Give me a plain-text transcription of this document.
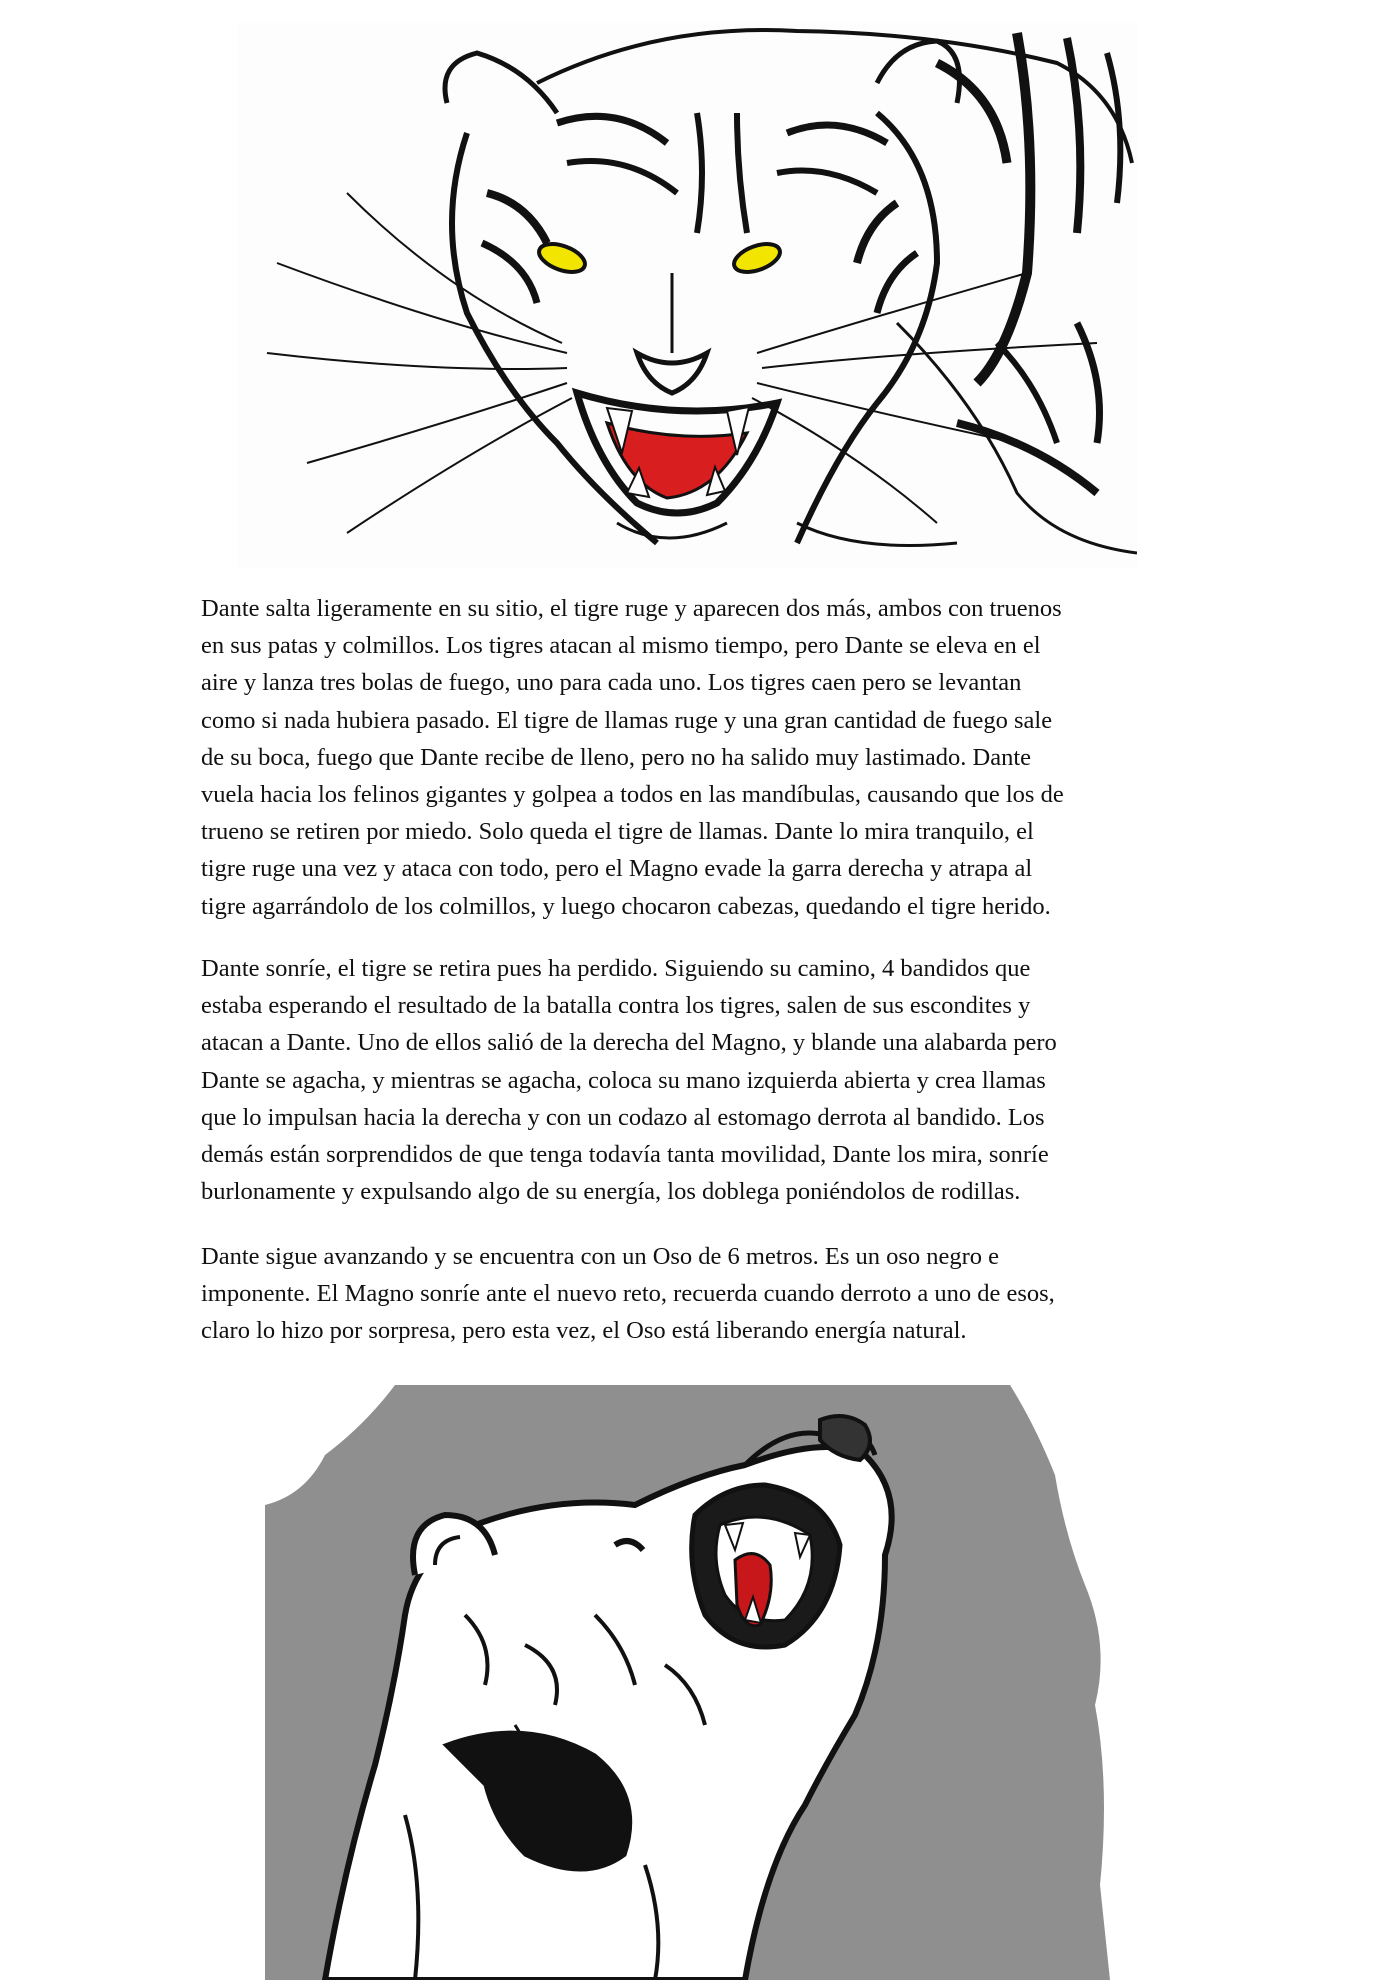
Dante salta ligeramente en su sitio, el tigre ruge y aparecen dos más, ambos con truenos
en sus patas y colmillos. Los tigres atacan al mismo tiempo, pero Dante se eleva en el
aire y lanza tres bolas de fuego, uno para cada uno. Los tigres caen pero se levantan
como si nada hubiera pasado. El tigre de llamas ruge y una gran cantidad de fuego sale
de su boca, fuego que Dante recibe de lleno, pero no ha salido muy lastimado. Dante
vuela hacia los felinos gigantes y golpea a todos en las mandíbulas, causando que los de
trueno se retiren por miedo. Solo queda el tigre de llamas. Dante lo mira tranquilo, el
tigre ruge una vez y ataca con todo, pero el Magno evade la garra derecha y atrapa al
tigre agarrándolo de los colmillos, y luego chocaron cabezas, quedando el tigre herido.

Dante sonríe, el tigre se retira pues ha perdido. Siguiendo su camino, 4 bandidos que
estaba esperando el resultado de la batalla contra los tigres, salen de sus escondites y
atacan a Dante. Uno de ellos salió de la derecha del Magno, y blande una alabarda pero
Dante se agacha, y mientras se agacha, coloca su mano izquierda abierta y crea llamas
que lo impulsan hacia la derecha y con un codazo al estomago derrota al bandido. Los
demás están sorprendidos de que tenga todavía tanta movilidad, Dante los mira, sonríe
burlonamente y expulsando algo de su energía, los doblega poniéndolos de rodillas.

Dante sigue avanzando y se encuentra con un Oso de 6 metros. Es un oso negro e
imponente. El Magno sonríe ante el nuevo reto, recuerda cuando derroto a uno de esos,
claro lo hizo por sorpresa, pero esta vez, el Oso está liberando energía natural.
